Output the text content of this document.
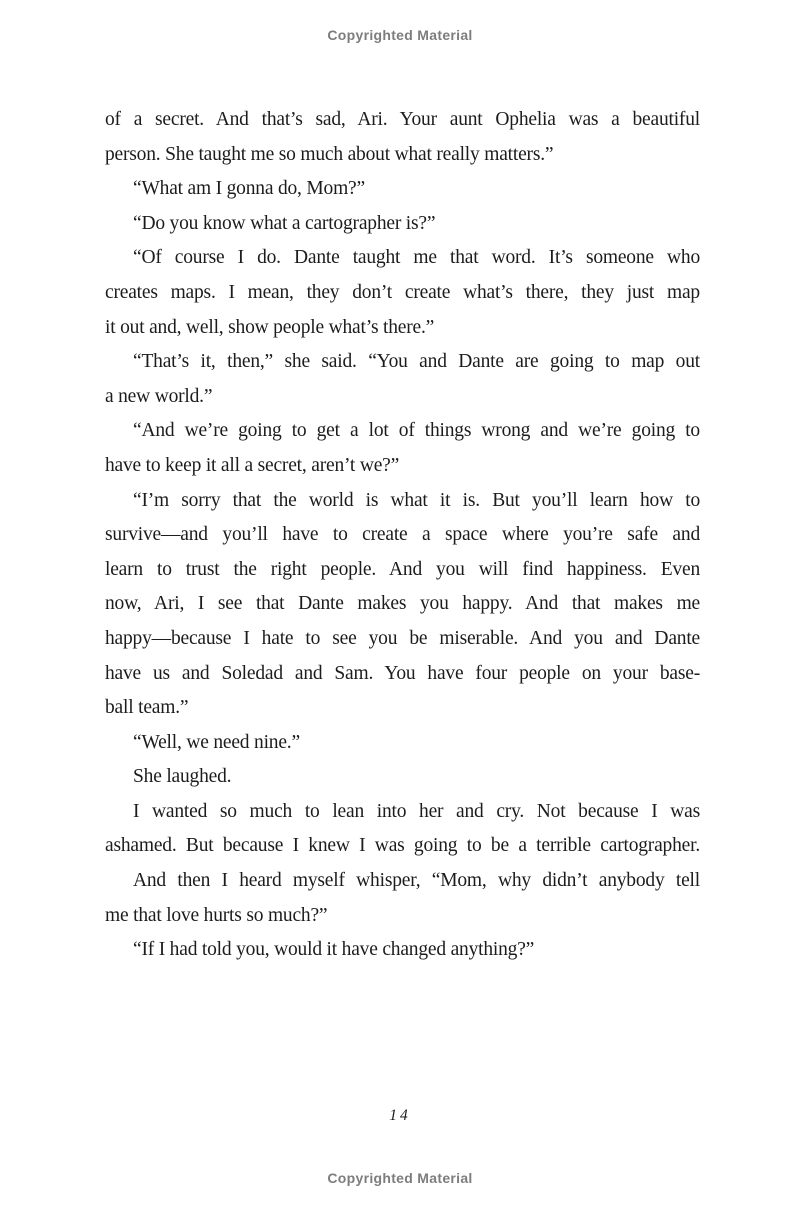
Copyrighted Material
of a secret. And that’s sad, Ari. Your aunt Ophelia was a beautiful
person. She taught me so much about what really matters.”
“What am I gonna do, Mom?”
“Do you know what a cartographer is?”
“Of course I do. Dante taught me that word. It’s someone who
creates maps. I mean, they don’t create what’s there, they just map
it out and, well, show people what’s there.”
“That’s it, then,” she said. “You and Dante are going to map out
a new world.”
“And we’re going to get a lot of things wrong and we’re going to
have to keep it all a secret, aren’t we?”
“I’m sorry that the world is what it is. But you’ll learn how to
survive—and you’ll have to create a space where you’re safe and
learn to trust the right people. And you will find happiness. Even
now, Ari, I see that Dante makes you happy. And that makes me
happy—because I hate to see you be miserable. And you and Dante
have us and Soledad and Sam. You have four people on your base-
ball team.”
“Well, we need nine.”
She laughed.
I wanted so much to lean into her and cry. Not because I was
ashamed. But because I knew I was going to be a terrible cartographer.
And then I heard myself whisper, “Mom, why didn’t anybody tell
me that love hurts so much?”
“If I had told you, would it have changed anything?”
14
Copyrighted Material
